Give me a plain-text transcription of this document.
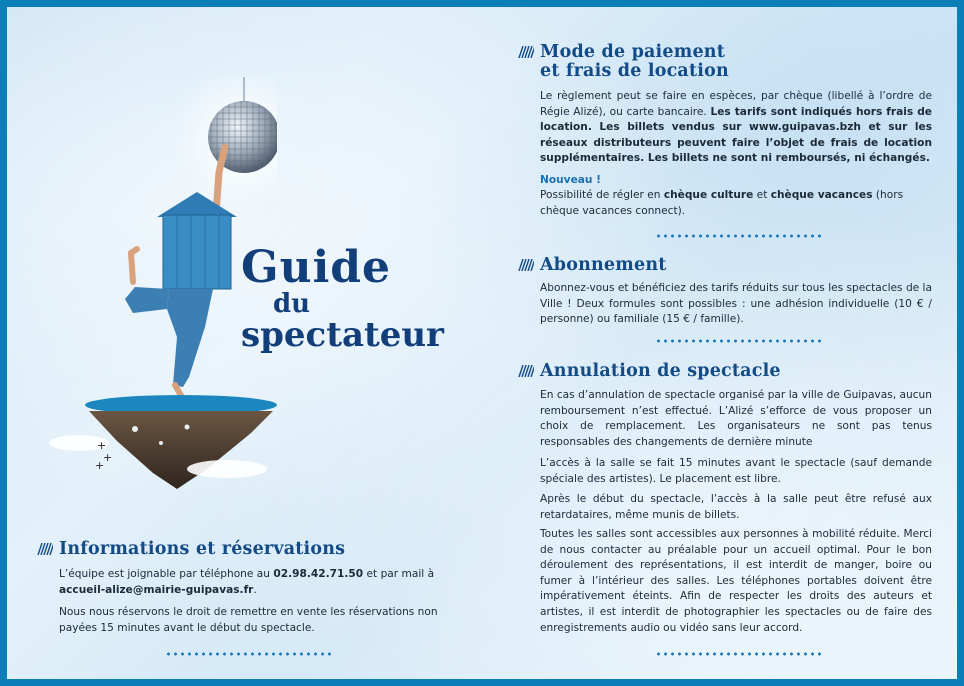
+
+
+
Guide
du
spectateur
Informations et réservations
L’équipe est joignable par téléphone au 02.98.42.71.50 et par mail à accueil-alize@mairie-guipavas.fr.
Nous nous réservons le droit de remettre en vente les réservations non payées 15 minutes avant le début du spectacle.
Mode de paiement
et frais de location
Le règlement peut se faire en espèces, par chèque (libellé à l’ordre de Régie Alizé), ou carte bancaire. Les tarifs sont indiqués hors frais de location. Les billets vendus sur www.guipavas.bzh et sur les réseaux distributeurs peuvent faire l’objet de frais de location supplémentaires. Les billets ne sont ni remboursés, ni échangés.
Nouveau !
Possibilité de régler en chèque culture et chèque vacances (hors chèque vacances connect).
Abonnement
Abonnez-vous et bénéficiez des tarifs réduits sur tous les spectacles de la Ville ! Deux formules sont possibles : une adhésion individuelle (10 € / personne) ou familiale (15 € / famille).
Annulation de spectacle
En cas d’annulation de spectacle organisé par la ville de Guipavas, aucun remboursement n’est effectué. L’Alizé s’efforce de vous proposer un choix de remplacement. Les organisateurs ne sont pas tenus responsables des changements de dernière minute
L’accès à la salle se fait 15 minutes avant le spectacle (sauf demande spéciale des artistes). Le placement est libre.
Après le début du spectacle, l’accès à la salle peut être refusé aux retardataires, même munis de billets.
Toutes les salles sont accessibles aux personnes à mobilité réduite. Merci de nous contacter au préalable pour un accueil optimal. Pour le bon déroulement des représentations, il est interdit de manger, boire ou fumer à l’intérieur des salles. Les téléphones portables doivent être impérativement éteints. Afin de respecter les droits des auteurs et artistes, il est interdit de photographier les spectacles ou de faire des enregistrements audio ou vidéo sans leur accord.
